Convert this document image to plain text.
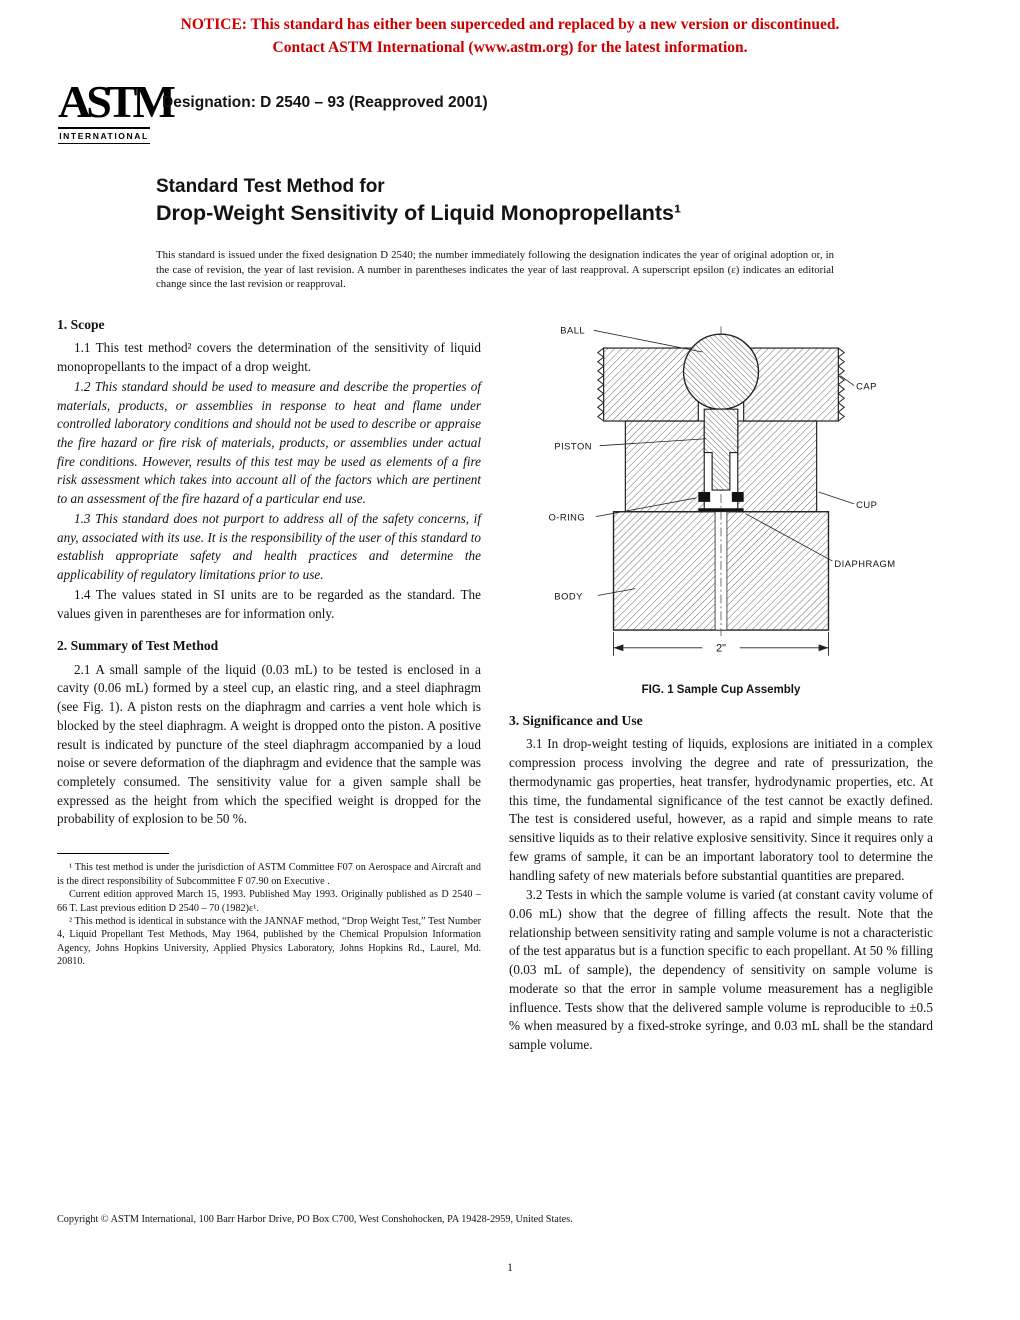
NOTICE: This standard has either been superceded and replaced by a new version or discontinued.
Contact ASTM International (www.astm.org) for the latest information.
ASTM
INTERNATIONAL
Designation: D 2540 – 93 (Reapproved 2001)
Standard Test Method for
Drop-Weight Sensitivity of Liquid Monopropellants¹
This standard is issued under the fixed designation D 2540; the number immediately following the designation indicates the year of original adoption or, in the case of revision, the year of last revision. A number in parentheses indicates the year of last reapproval. A superscript epsilon (ε) indicates an editorial change since the last revision or reapproval.
1. Scope

1.1 This test method² covers the determination of the sensitivity of liquid monopropellants to the impact of a drop weight.

1.2 This standard should be used to measure and describe the properties of materials, products, or assemblies in response to heat and flame under controlled laboratory conditions and should not be used to describe or appraise the fire hazard or fire risk of materials, products, or assemblies under actual fire conditions. However, results of this test may be used as elements of a fire risk assessment which takes into account all of the factors which are pertinent to an assessment of the fire hazard of a particular end use.

1.3 This standard does not purport to address all of the safety concerns, if any, associated with its use. It is the responsibility of the user of this standard to establish appropriate safety and health practices and determine the applicability of regulatory limitations prior to use.

1.4 The values stated in SI units are to be regarded as the standard. The values given in parentheses are for information only.

2. Summary of Test Method

2.1 A small sample of the liquid (0.03 mL) to be tested is enclosed in a cavity (0.06 mL) formed by a steel cup, an elastic ring, and a steel diaphragm (see Fig. 1). A piston rests on the diaphragm and carries a vent hole which is blocked by the steel diaphragm. A weight is dropped onto the piston. A positive result is indicated by puncture of the steel diaphragm accompanied by a loud noise or severe deformation of the diaphragm and evidence that the sample was completely consumed. The sensitivity value for a given sample shall be expressed as the height from which the specified weight is dropped for the probability of explosion to be 50 %.

¹ This test method is under the jurisdiction of ASTM Committee F07 on Aerospace and Aircraft and is the direct responsibility of Subcommittee F 07.90 on Executive .

Current edition approved March 15, 1993. Published May 1993. Originally published as D 2540 – 66 T. Last previous edition D 2540 – 70 (1982)ε¹.

² This method is identical in substance with the JANNAF method, “Drop Weight Test,” Test Number 4, Liquid Propellant Test Methods, May 1964, published by the Chemical Propulsion Information Agency, Johns Hopkins University, Applied Physics Laboratory, Johns Hopkins Rd., Laurel, Md. 20810.

2"
BALL
CAP
PISTON
CUP
O-RING
DIAPHRAGM
BODY
FIG. 1 Sample Cup Assembly
3. Significance and Use

3.1 In drop-weight testing of liquids, explosions are initiated in a complex compression process involving the degree and rate of pressurization, the thermodynamic gas properties, heat transfer, hydrodynamic properties, etc. At this time, the fundamental significance of the test cannot be exactly defined. The test is considered useful, however, as a rapid and simple means to rate sensitive liquids as to their relative explosive sensitivity. Since it requires only a few grams of sample, it can be an important laboratory tool to determine the handling safety of new materials before substantial quantities are prepared.

3.2 Tests in which the sample volume is varied (at constant cavity volume of 0.06 mL) show that the degree of filling affects the result. Note that the relationship between sensitivity rating and sample volume is not a characteristic of the test apparatus but is a function specific to each propellant. At 50 % filling (0.03 mL of sample), the dependency of sensitivity on sample volume is moderate so that the error in sample volume measurement has a negligible influence. Tests show that the delivered sample volume is reproducible to ±0.5 % when measured by a fixed-stroke syringe, and 0.03 mL shall be the standard sample volume.

Copyright © ASTM International, 100 Barr Harbor Drive, PO Box C700, West Conshohocken, PA 19428-2959, United States.
1
